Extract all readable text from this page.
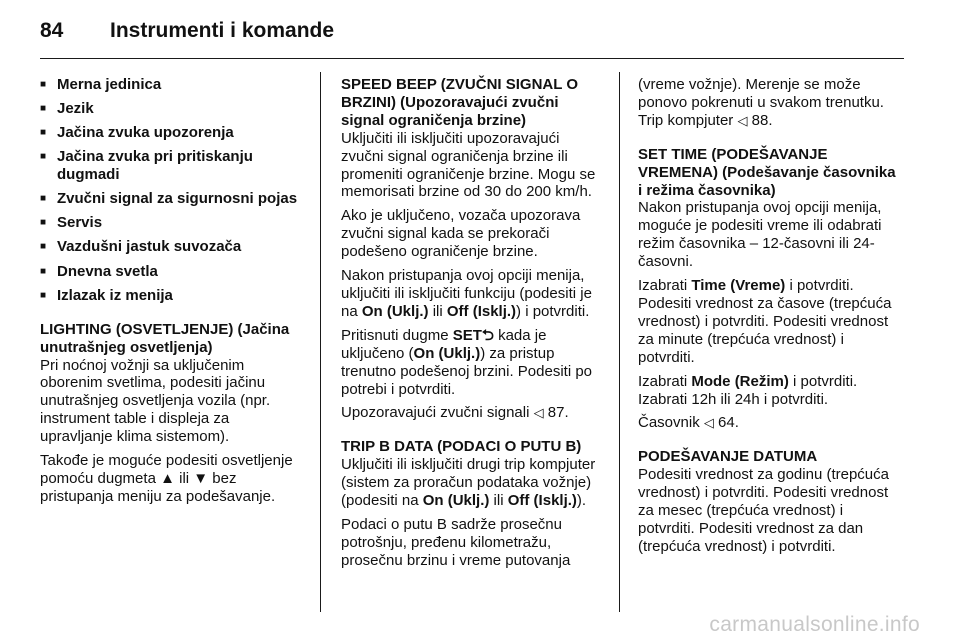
84	Instrumenti i komande
■ Merna jedinica
■ Jezik
■ Jačina zvuka upozorenja
■ Jačina zvuka pri pritiskanju dugmadi
■ Zvučni signal za sigurnosni pojas
■ Servis
■ Vazdušni jastuk suvozača
■ Dnevna svetla
■ Izlazak iz menija
LIGHTING (OSVETLJENJE) (Jačina unutrašnjeg osvetljenja)

Pri noćnoj vožnji sa uključenim oborenim svetlima, podesiti jačinu unutrašnjeg osvetljenja vozila (npr. instrument table i displeja za upravljanje klima sistemom).

Takođe je moguće podesiti osvetljenje pomoću dugmeta ▲ ili ▼ bez pristupanja meniju za podešavanje.

SPEED BEEP (ZVUČNI SIGNAL O BRZINI) (Upozoravajući zvučni signal ograničenja brzine)

Uključiti ili isključiti upozoravajući zvučni signal ograničenja brzine ili promeniti ograničenje brzine. Mogu se memorisati brzine od 30 do 200 km/h.

Ako je uključeno, vozača upozorava zvučni signal kada se prekorači podešeno ograničenje brzine.

Nakon pristupanja ovoj opciji menija, uključiti ili isključiti funkciju (podesiti je na On (Uklj.) ili Off (Isklj.)) i potvrditi.

Pritisnuti dugme SET⮌ kada je uključeno (On (Uklj.)) za pristup trenutno podešenoj brzini. Podesiti po potrebi i potvrditi.

Upozoravajući zvučni signali ◁ 87.

TRIP B DATA (PODACI O PUTU B)

Uključiti ili isključiti drugi trip kompjuter (sistem za proračun podataka vožnje) (podesiti na On (Uklj.) ili Off (Isklj.)).

Podaci o putu B sadrže prosečnu potrošnju, pređenu kilometražu, prosečnu brzinu i vreme putovanja

(vreme vožnje). Merenje se može ponovo pokrenuti u svakom trenutku. Trip kompjuter ◁ 88.

SET TIME (PODEŠAVANJE VREMENA) (Podešavanje časovnika i režima časovnika)

Nakon pristupanja ovoj opciji menija, moguće je podesiti vreme ili odabrati režim časovnika – 12-časovni ili 24-časovni.

Izabrati Time (Vreme) i potvrditi. Podesiti vrednost za časove (trepćuća vrednost) i potvrditi. Podesiti vrednost za minute (trepćuća vrednost) i potvrditi.

Izabrati Mode (Režim) i potvrditi. Izabrati 12h ili 24h i potvrditi.

Časovnik ◁ 64.

PODEŠAVANJE DATUMA

Podesiti vrednost za godinu (trepćuća vrednost) i potvrditi. Podesiti vrednost za mesec (trepćuća vrednost) i potvrditi. Podesiti vrednost za dan (trepćuća vrednost) i potvrditi.

carmanualsonline.info
